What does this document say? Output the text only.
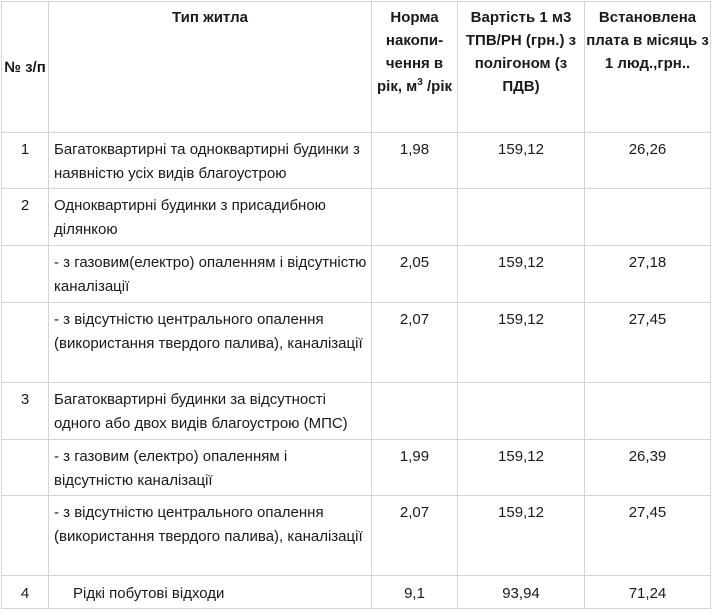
№ з/п	Тип житла	Норма накопи-чення в рік, $м^3$ /рік	Вартість 1 м3 ТПВ/РН (грн.) з полігоном (з ПДВ)	Встановлена плата в місяць з 1 люд.,грн..
1	Багатоквартирні та одноквартирні будинки з наявністю усіх видів благоустрою	1,98	159,12	26,26
2	Одноквартирні будинки з присадибною ділянкою			
	- з газовим(електро) опаленням і відсутністю каналізації	2,05	159,12	27,18
	- з відсутністю центрального опалення (використання твердого палива), каналізації	2,07	159,12	27,45
3	Багатоквартирні будинки за відсутності одного або двох видів благоустрою (МПС)			
	- з газовим (електро) опаленням і відсутністю каналізації	1,99	159,12	26,39
	- з відсутністю центрального опалення (використання твердого палива), каналізації	2,07	159,12	27,45
4	Рідкі побутові відходи	9,1	93,94	71,24
